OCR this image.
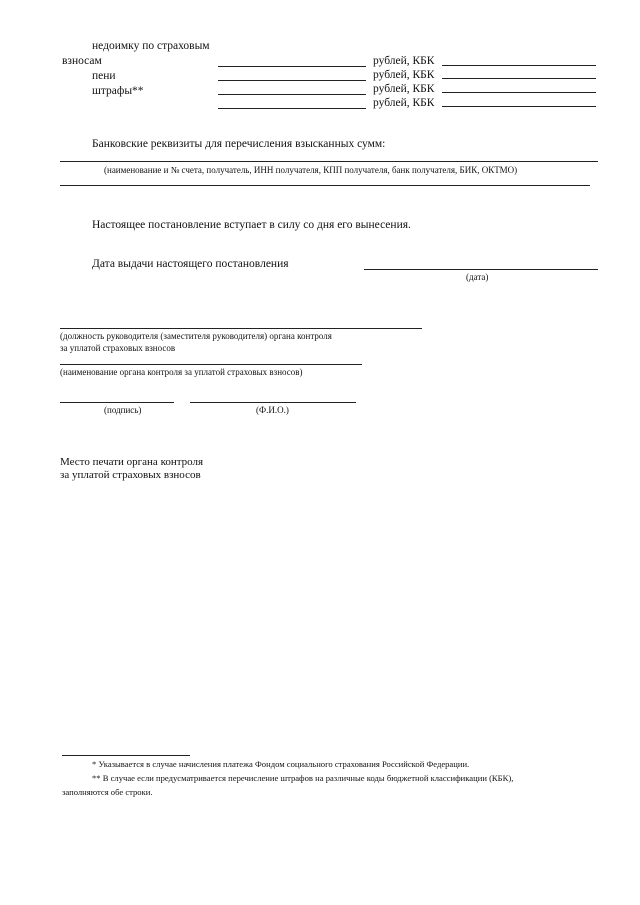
недоимку по страховым
взносам
пени
штрафы**
рублей, КБК
рублей, КБК
рублей, КБК
рублей, КБК
Банковские реквизиты для перечисления взысканных сумм:
(наименование и № счета, получатель, ИНН получателя, КПП получателя, банк получателя, БИК, ОКТМО)
Настоящее постановление вступает в силу со дня его вынесения.
Дата выдачи настоящего постановления
(дата)
(должность руководителя (заместителя руководителя) органа контроля
за уплатой страховых взносов
(наименование органа контроля за уплатой страховых взносов)
(подпись)	(Ф.И.О.)
Место печати органа контроля
за уплатой страховых взносов
* Указывается в случае начисления платежа Фондом социального страхования Российской Федерации.
** В случае если предусматривается перечисление штрафов на различные коды бюджетной классификации (КБК),
заполняются обе строки.
